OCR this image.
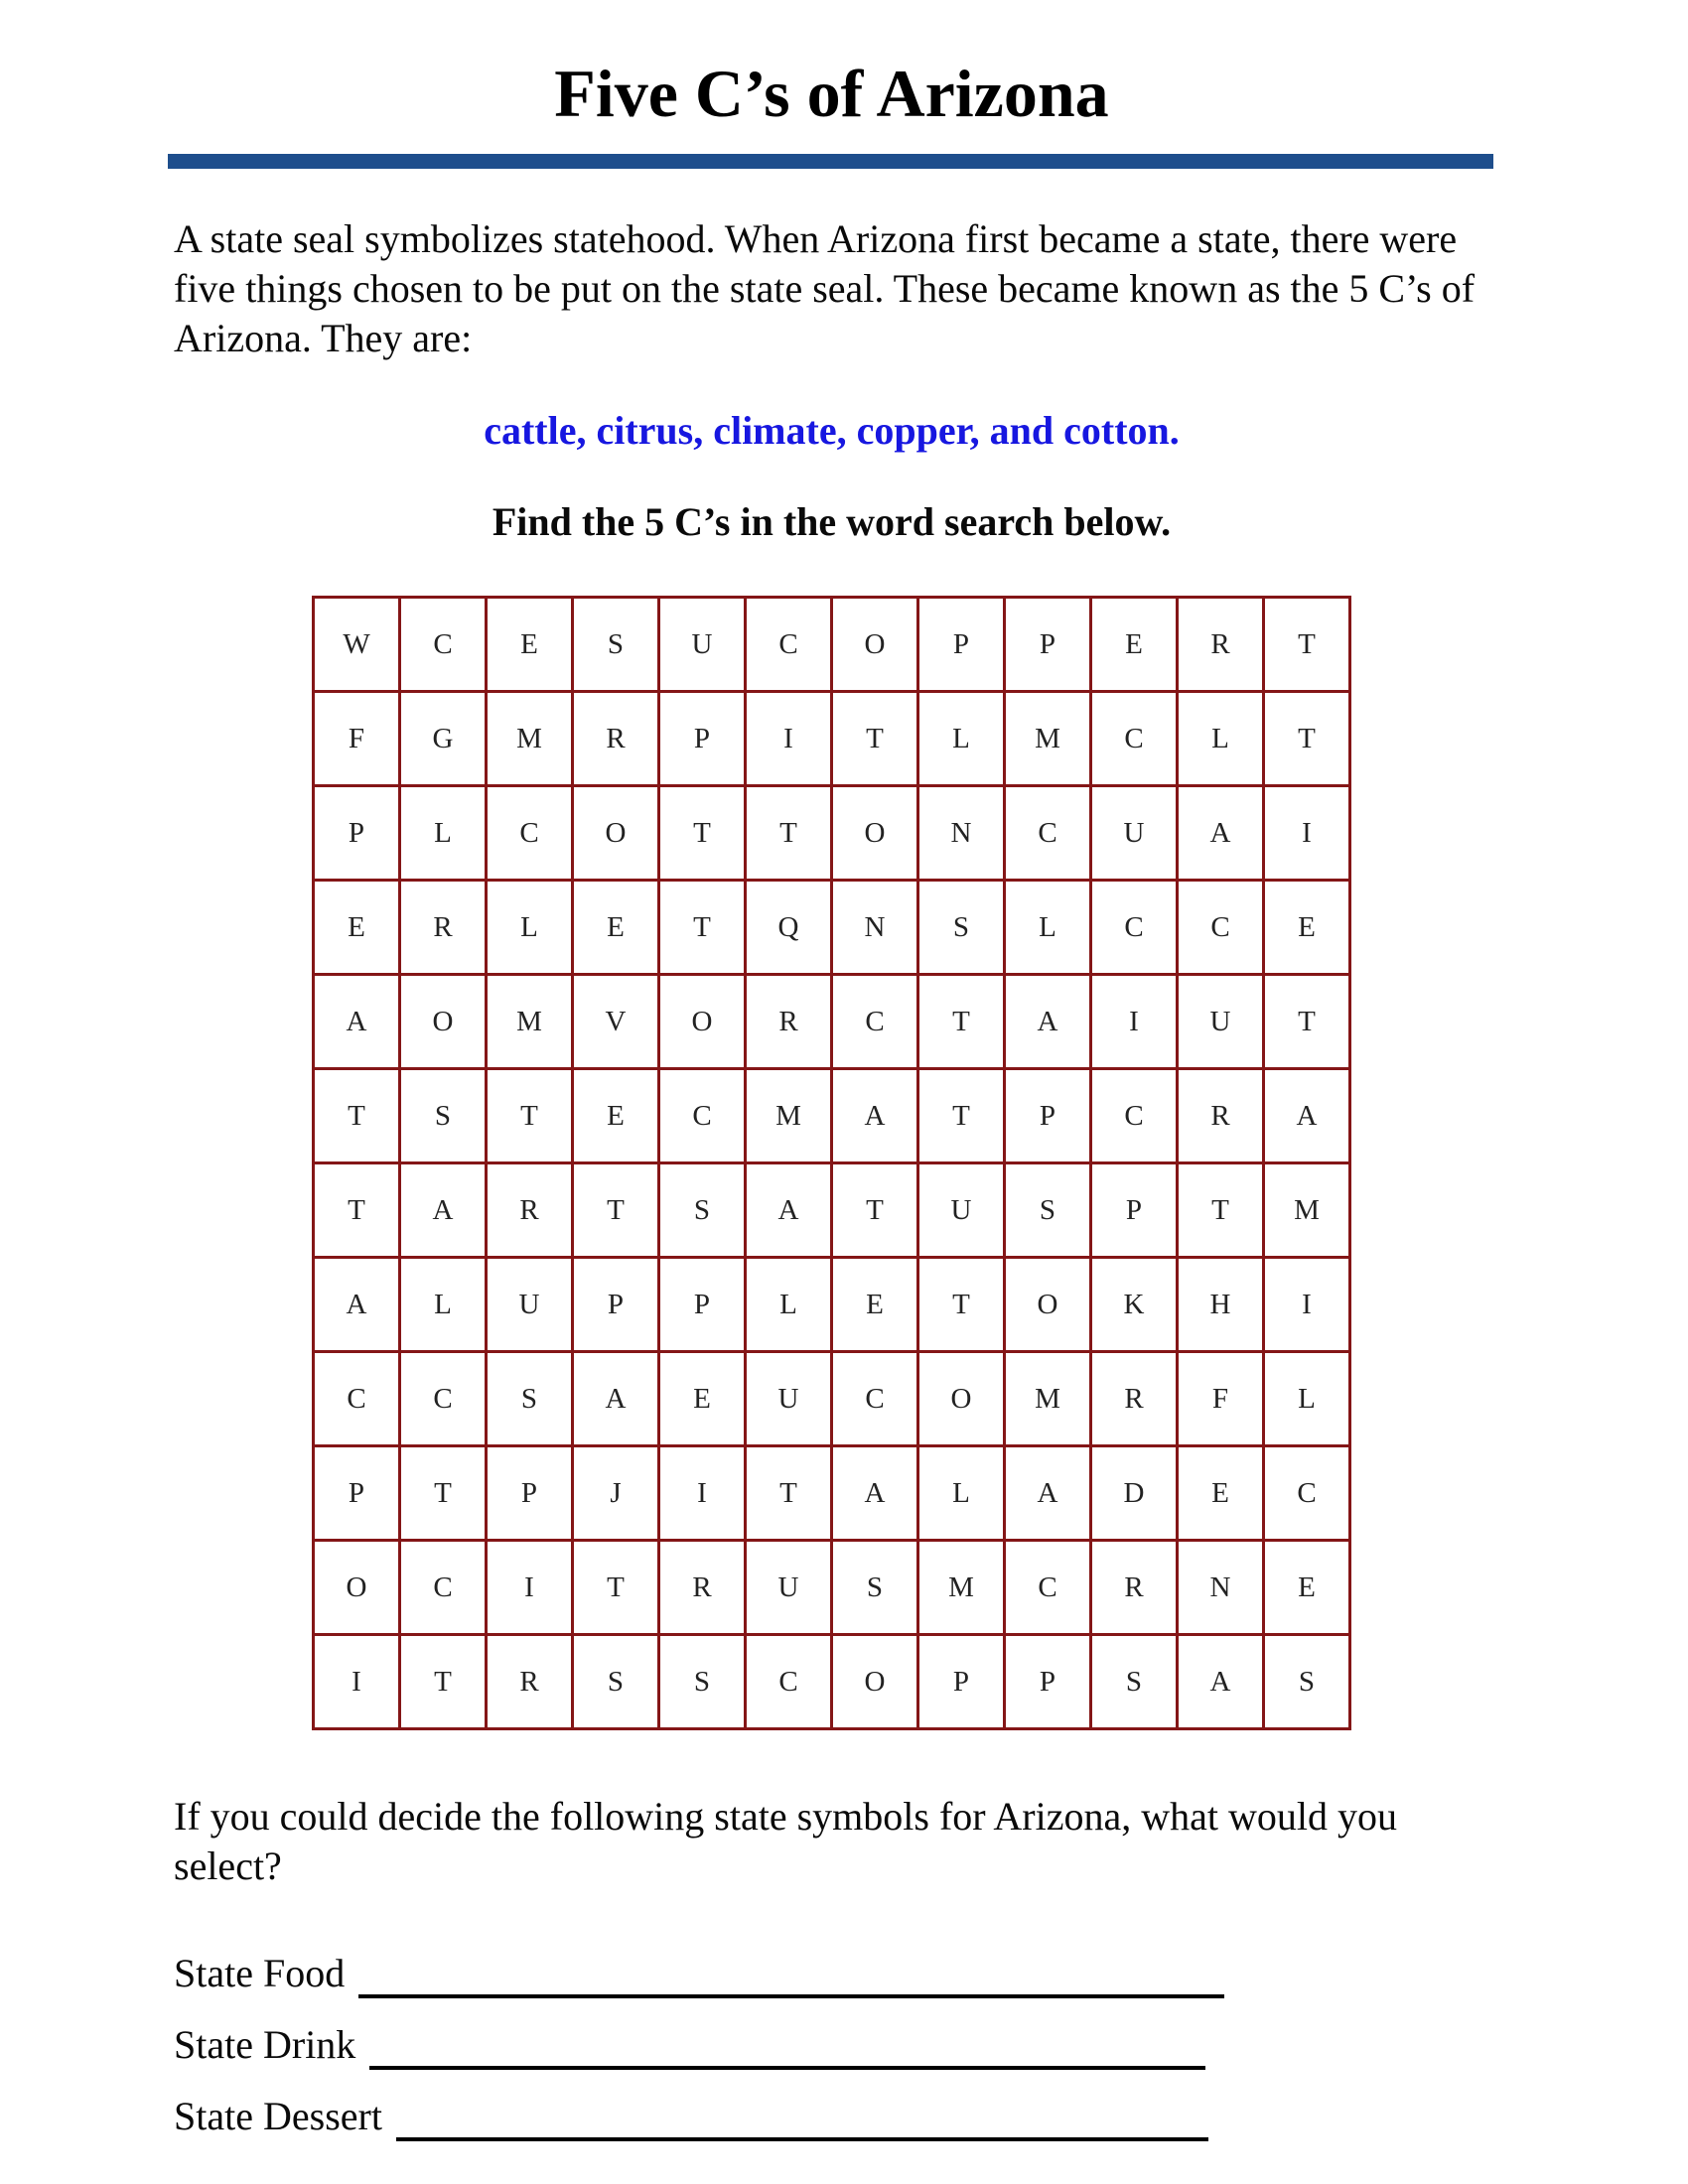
Five C’s of Arizona

A state seal symbolizes statehood. When Arizona first became a state, there were five things chosen to be put on the state seal. These became known as the 5 C’s of Arizona. They are:

cattle, citrus, climate, copper, and cotton.

Find the 5 C’s in the word search below.

W	C	E	S	U	C	O	P	P	E	R	T
F	G	M	R	P	I	T	L	M	C	L	T
P	L	C	O	T	T	O	N	C	U	A	I
E	R	L	E	T	Q	N	S	L	C	C	E
A	O	M	V	O	R	C	T	A	I	U	T
T	S	T	E	C	M	A	T	P	C	R	A
T	A	R	T	S	A	T	U	S	P	T	M
A	L	U	P	P	L	E	T	O	K	H	I
C	C	S	A	E	U	C	O	M	R	F	L
P	T	P	J	I	T	A	L	A	D	E	C
O	C	I	T	R	U	S	M	C	R	N	E
I	T	R	S	S	C	O	P	P	S	A	S

If you could decide the following state symbols for Arizona, what would you select?

State Food
State Drink
State Dessert
